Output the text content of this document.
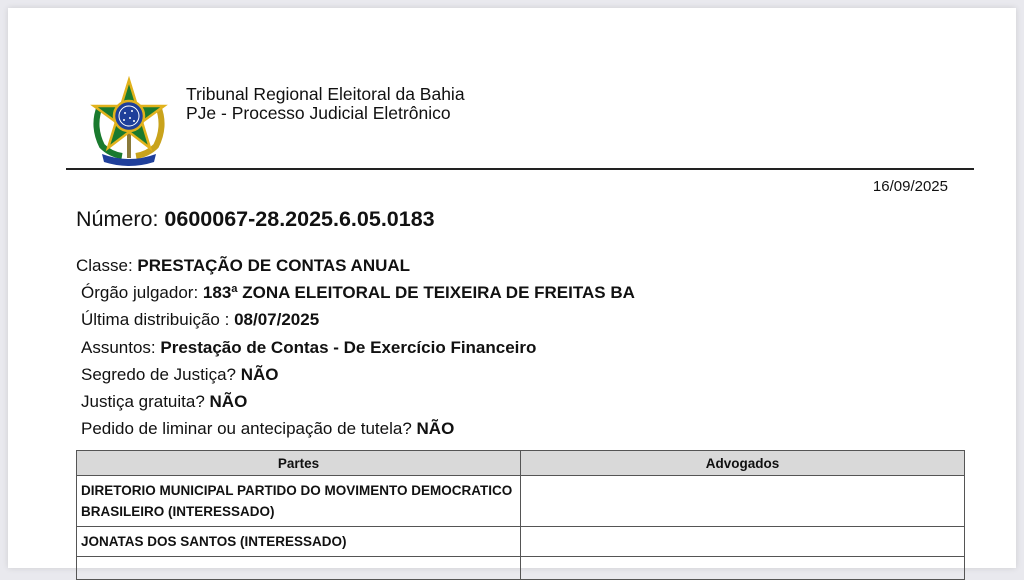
Tribunal Regional Eleitoral da Bahia
PJe - Processo Judicial Eletrônico
16/09/2025
Número: 0600067-28.2025.6.05.0183
Classe: PRESTAÇÃO DE CONTAS ANUAL
Órgão julgador: 183ª ZONA ELEITORAL DE TEIXEIRA DE FREITAS BA
Última distribuição : 08/07/2025
Assuntos: Prestação de Contas - De Exercício Financeiro
Segredo de Justiça? NÃO
Justiça gratuita? NÃO
Pedido de liminar ou antecipação de tutela? NÃO
Partes	Advogados
DIRETORIO MUNICIPAL PARTIDO DO MOVIMENTO DEMOCRATICO BRASILEIRO (INTERESSADO)	
JONATAS DOS SANTOS (INTERESSADO)	
